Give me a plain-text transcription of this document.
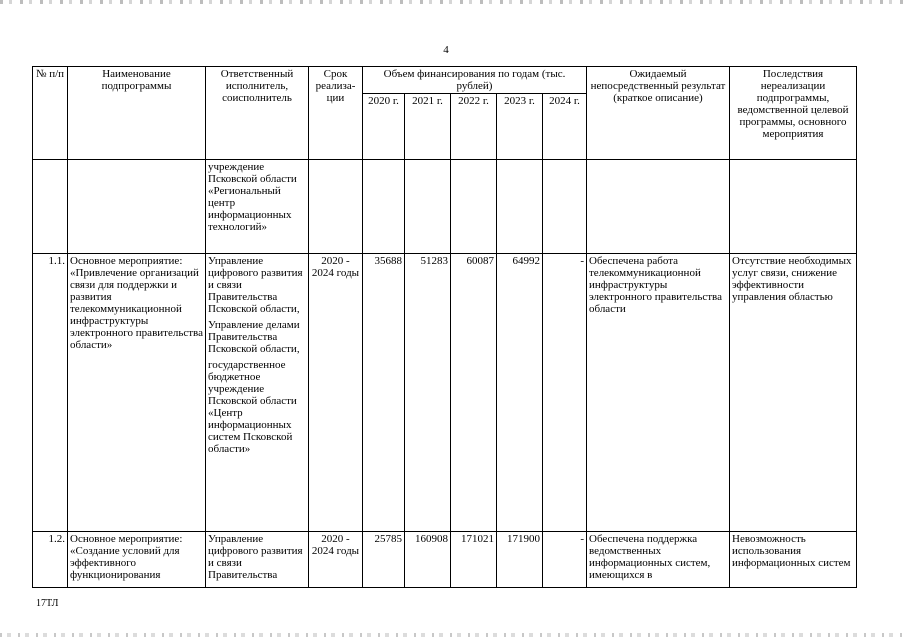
4
№ п/п	Наименование подпрограммы	Ответственный исполнитель, соисполнитель	Срок реализа-ции	Объем финансирования по годам (тыс. рублей)					Ожидаемый непосредственный результат (краткое описание)	Последствия нереализации подпрограммы, ведомственной целевой программы, основного мероприятия
				2020 г.	2021 г.	2022 г.	2023 г.	2024 г.		
		учреждение Псковской области «Региональный центр информационных технологий»								
1.1.	Основное мероприятие: «Привлечение организаций связи для поддержки и развития телекоммуникационной инфраструктуры электронного правительства области»	Управление цифрового развития и связи Правительства Псковской области,
Управление делами Правительства Псковской области,
государственное бюджетное учреждение Псковской области «Центр информационных систем Псковской области»	2020 - 2024 годы	35688	51283	60087	64992	-	Обеспечена работа телекоммуникационной инфраструктуры электронного правительства области	Отсутствие необходимых услуг связи, снижение эффективности управления областью
1.2.	Основное мероприятие: «Создание условий для эффективного функционирования	Управление цифрового развития и связи Правительства	2020 - 2024 годы	25785	160908	171021	171900	-	Обеспечена поддержка ведомственных информационных систем, имеющихся в	Невозможность использования информационных систем
17ТЛ
